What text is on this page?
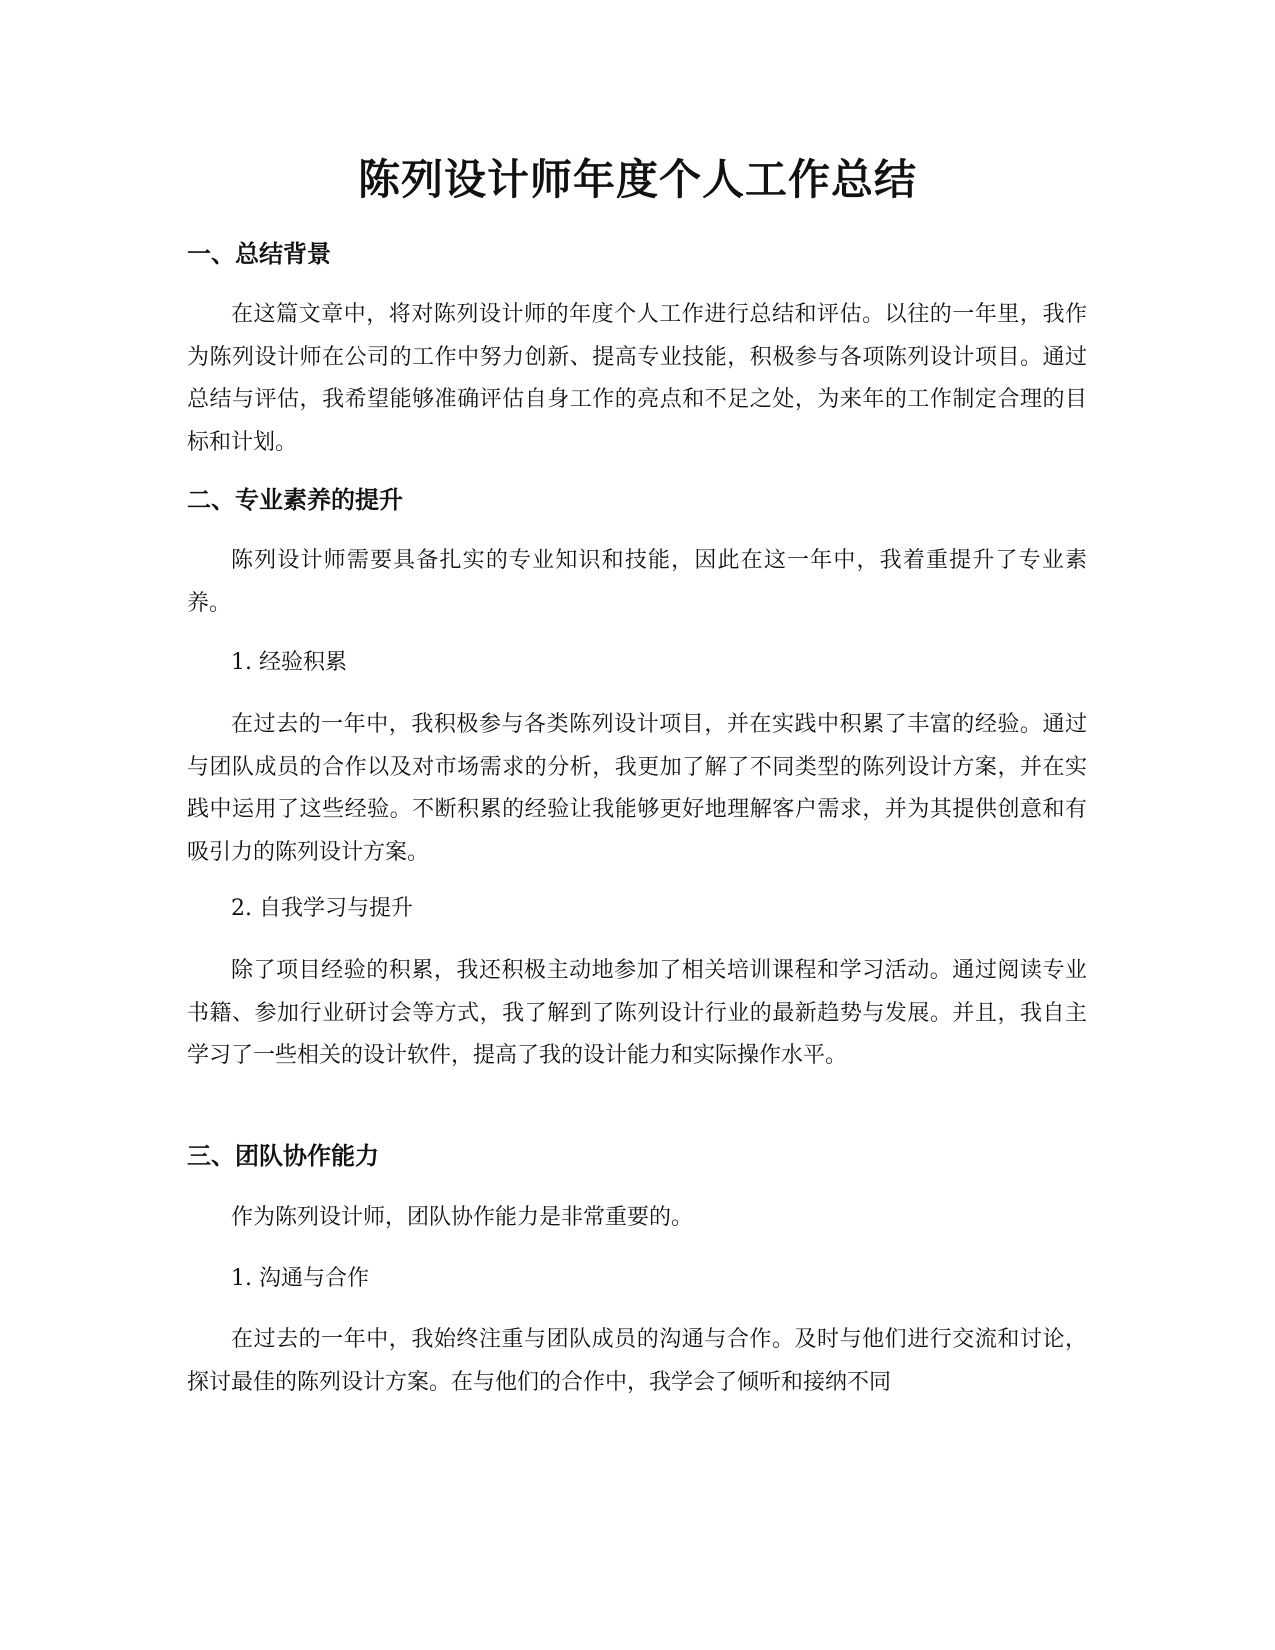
陈列设计师年度个人工作总结
一、总结背景

在这篇文章中，将对陈列设计师的年度个人工作进行总结和评估。以往的一年里，我作为陈列设计师在公司的工作中努力创新、提高专业技能，积极参与各项陈列设计项目。通过总结与评估，我希望能够准确评估自身工作的亮点和不足之处，为来年的工作制定合理的目标和计划。

二、专业素养的提升

陈列设计师需要具备扎实的专业知识和技能，因此在这一年中，我着重提升了专业素养。

1. 经验积累

在过去的一年中，我积极参与各类陈列设计项目，并在实践中积累了丰富的经验。通过与团队成员的合作以及对市场需求的分析，我更加了解了不同类型的陈列设计方案，并在实践中运用了这些经验。不断积累的经验让我能够更好地理解客户需求，并为其提供创意和有吸引力的陈列设计方案。

2. 自我学习与提升

除了项目经验的积累，我还积极主动地参加了相关培训课程和学习活动。通过阅读专业书籍、参加行业研讨会等方式，我了解到了陈列设计行业的最新趋势与发展。并且，我自主学习了一些相关的设计软件，提高了我的设计能力和实际操作水平。

三、团队协作能力

作为陈列设计师，团队协作能力是非常重要的。

1. 沟通与合作

在过去的一年中，我始终注重与团队成员的沟通与合作。及时与他们进行交流和讨论，探讨最佳的陈列设计方案。在与他们的合作中，我学会了倾听和接纳不同
